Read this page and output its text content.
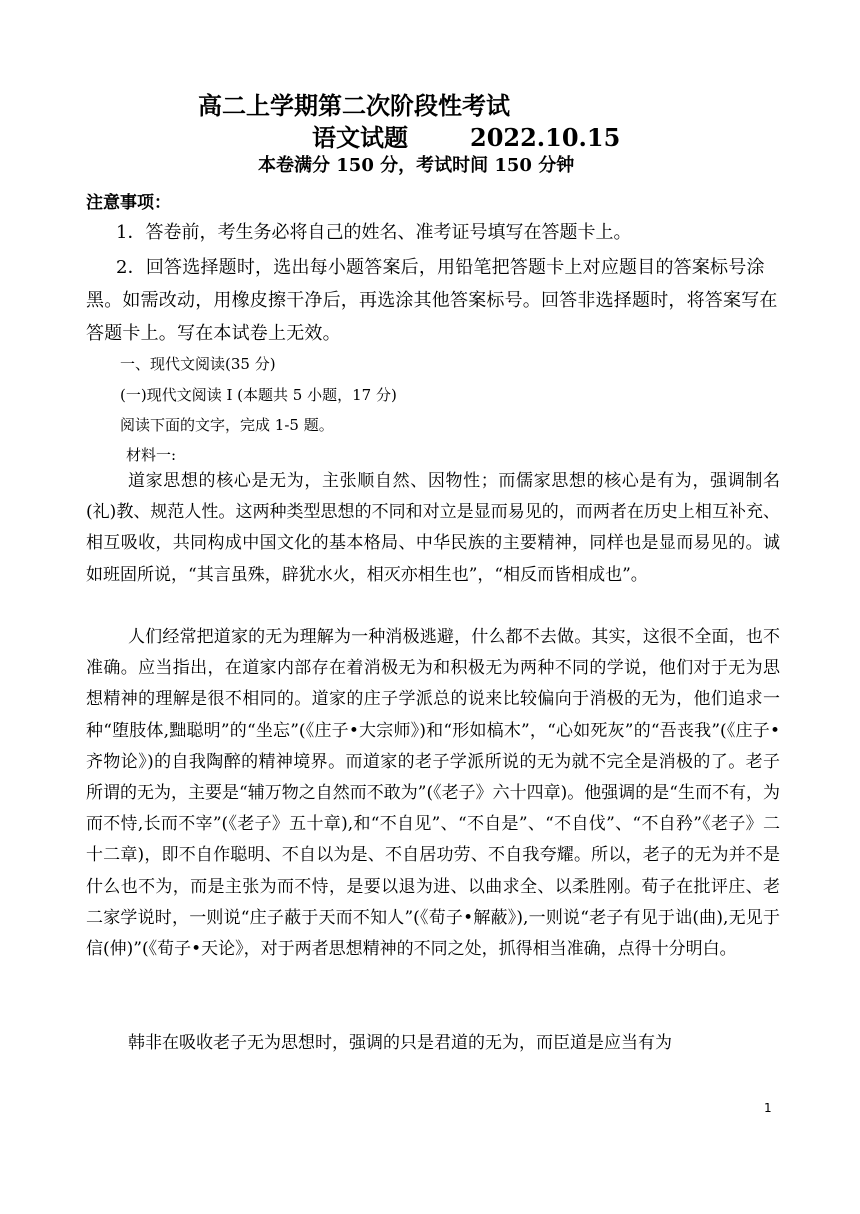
高二上学期第二次阶段性考试
语文试题	2022.10.15
本卷满分 150 分，考试时间 150 分钟
注意事项：
1．答卷前，考生务必将自己的姓名、准考证号填写在答题卡上。
2．回答选择题时，选出每小题答案后，用铅笔把答题卡上对应题目的答案标号涂黑。如需改动，用橡皮擦干净后，再选涂其他答案标号。回答非选择题时，将答案写在答题卡上。写在本试卷上无效。
一、现代文阅读(35 分)
(一)现代文阅读 I (本题共 5 小题，17 分)
阅读下面的文字，完成 1-5 题。
材料一:

道家思想的核心是无为，主张顺自然、因物性；而儒家思想的核心是有为，强调制名(礼)教、规范人性。这两种类型思想的不同和对立是显而易见的，而两者在历史上相互补充、相互吸收，共同构成中国文化的基本格局、中华民族的主要精神，同样也是显而易见的。诚如班固所说，“其言虽殊，辟犹水火，相灭亦相生也”，“相反而皆相成也”。

人们经常把道家的无为理解为一种消极逃避，什么都不去做。其实，这很不全面，也不准确。应当指出，在道家内部存在着消极无为和积极无为两种不同的学说，他们对于无为思想精神的理解是很不相同的。道家的庄子学派总的说来比较偏向于消极的无为，他们追求一种“堕肢体,黜聪明”的“坐忘”(《庄子•大宗师》)和“形如槁木”，“心如死灰”的“吾丧我”(《庄子•齐物论》)的自我陶醉的精神境界。而道家的老子学派所说的无为就不完全是消极的了。老子所谓的无为，主要是“辅万物之自然而不敢为”(《老子》六十四章)。他强调的是“生而不有，为而不恃,长而不宰”(《老子》五十章),和“不自见”、“不自是”、“不自伐”、“不自矜”《老子》二十二章)，即不自作聪明、不自以为是、不自居功劳、不自我夸耀。所以，老子的无为并不是什么也不为，而是主张为而不恃，是要以退为进、以曲求全、以柔胜刚。荀子在批评庄、老二家学说时，一则说“庄子蔽于天而不知人”(《荀子•解蔽》),一则说“老子有见于诎(曲),无见于信(伸)”(《荀子•天论》，对于两者思想精神的不同之处，抓得相当准确，点得十分明白。

韩非在吸收老子无为思想时，强调的只是君道的无为，而臣道是应当有为

1
